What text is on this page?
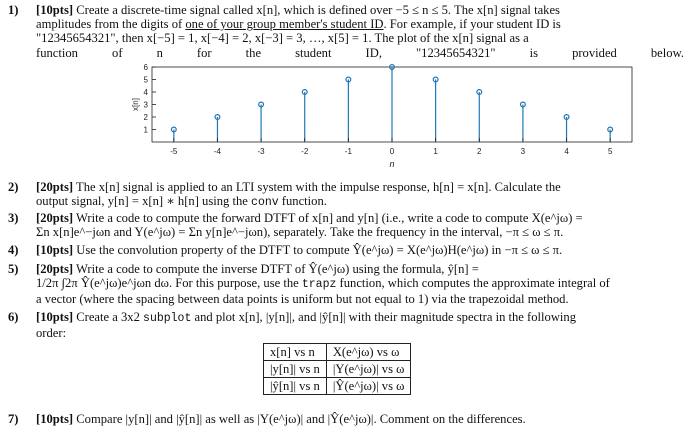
1) [10pts] Create a discrete-time signal called x[n], which is defined over −5 ≤ n ≤ 5. The x[n] signal takes
amplitudes from the digits of one of your group member's student ID. For example, if your student ID is
"12345654321", then x[−5] = 1, x[−4] = 2, x[−3] = 3, …, x[5] = 1. The plot of the x[n] signal as a
function of n for the student ID, "12345654321" is provided below.
n
x[n]
1
2
3
4
5
6
-5	-4	-3	-2	-1	0	1	2	3	4	5
2) [20pts] The x[n] signal is applied to an LTI system with the impulse response, h[n] = x[n]. Calculate the
output signal, y[n] = x[n] ∗ h[n] using the conv function.
3) [20pts] Write a code to compute the forward DTFT of x[n] and y[n] (i.e., write a code to compute X(e^jω) =
Σn x[n]e^−jωn and Y(e^jω) = Σn y[n]e^−jωn), separately. Take the frequency in the interval, −π ≤ ω ≤ π.
4) [10pts] Use the convolution property of the DTFT to compute Ŷ(e^jω) = X(e^jω)H(e^jω) in −π ≤ ω ≤ π.
5) [20pts] Write a code to compute the inverse DTFT of Ŷ(e^jω) using the formula, ŷ[n] =
1/2π ∫2π Ŷ(e^jω)e^jωn dω. For this purpose, use the trapz function, which computes the approximate integral of
a vector (where the spacing between data points is uniform but not equal to 1) via the trapezoidal method.
6) [10pts] Create a 3x2 subplot and plot x[n], |y[n]|, and |ŷ[n]| with their magnitude spectra in the following
order:
x[n] vs n	X(e^jω) vs ω
|y[n]| vs n	|Y(e^jω)| vs ω
|ŷ[n]| vs n	|Ŷ(e^jω)| vs ω
7) [10pts] Compare |y[n]| and |ŷ[n]| as well as |Y(e^jω)| and |Ŷ(e^jω)|. Comment on the differences.
